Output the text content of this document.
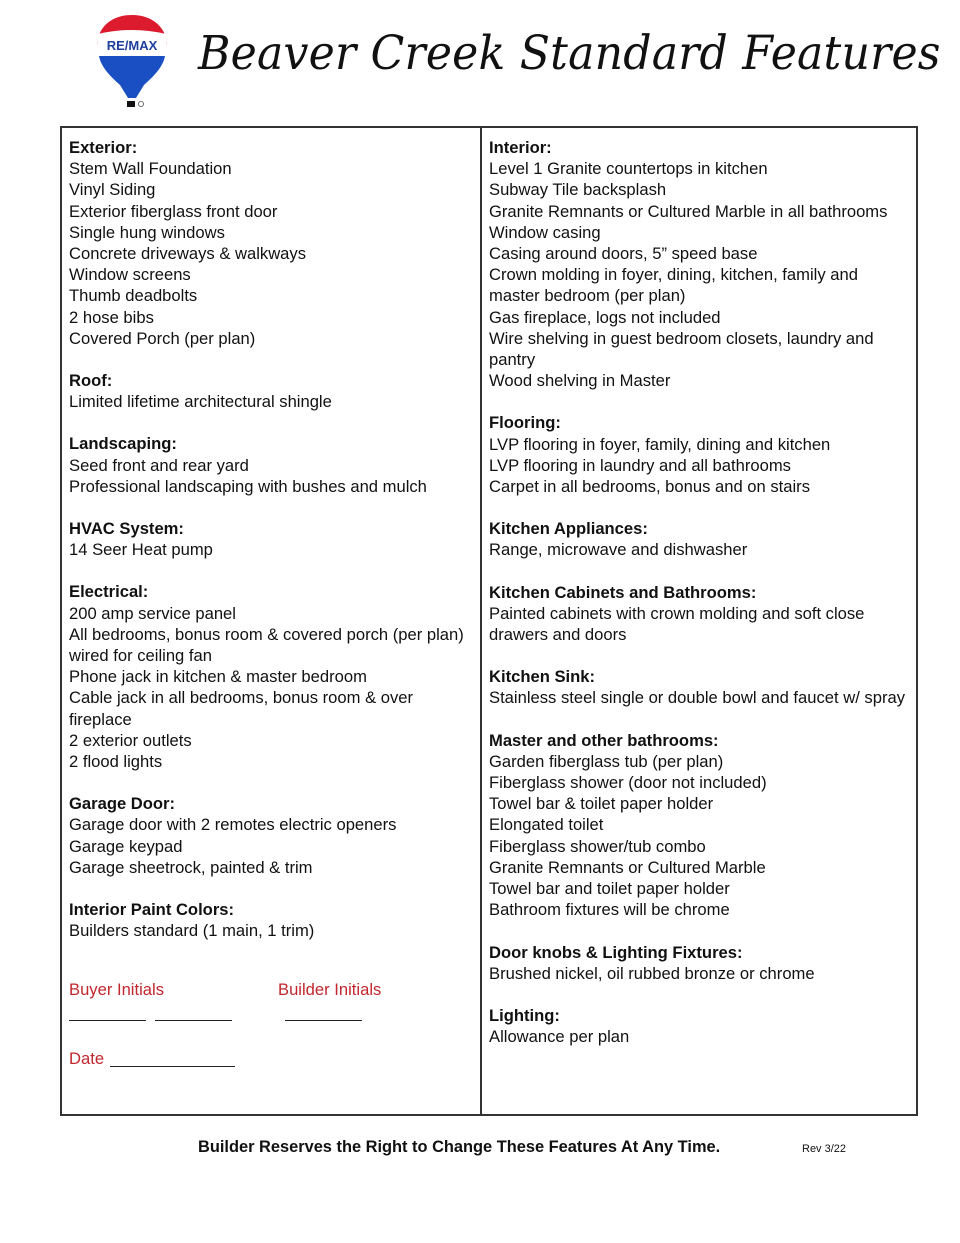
RE/MAX Beaver Creek Standard Features
Exterior:
Stem Wall Foundation
Vinyl Siding
Exterior fiberglass front door
Single hung windows
Concrete driveways & walkways
Window screens
Thumb deadbolts
2 hose bibs
Covered Porch (per plan)
Roof:
Limited lifetime architectural shingle
Landscaping:
Seed front and rear yard
Professional landscaping with bushes and mulch
HVAC System:
14 Seer Heat pump
Electrical:
200 amp service panel
All bedrooms, bonus room & covered porch (per plan) wired for ceiling fan
Phone jack in kitchen & master bedroom
Cable jack in all bedrooms, bonus room & over fireplace
2 exterior outlets
2 flood lights
Garage Door:
Garage door with 2 remotes electric openers
Garage keypad
Garage sheetrock, painted & trim
Interior Paint Colors:
Builders standard (1 main, 1 trim)
Interior:
Level 1 Granite countertops in kitchen
Subway Tile backsplash
Granite Remnants or Cultured Marble in all bathrooms
Window casing
Casing around doors, 5” speed base
Crown molding in foyer, dining, kitchen, family and master bedroom (per plan)
Gas fireplace, logs not included
Wire shelving in guest bedroom closets, laundry and pantry
Wood shelving in Master
Flooring:
LVP flooring in foyer, family, dining and kitchen
LVP flooring in laundry and all bathrooms
Carpet in all bedrooms, bonus and on stairs
Kitchen Appliances:
Range, microwave and dishwasher
Kitchen Cabinets and Bathrooms:
Painted cabinets with crown molding and soft close drawers and doors
Kitchen Sink:
Stainless steel single or double bowl and faucet w/ spray
Master and other bathrooms:
Garden fiberglass tub (per plan)
Fiberglass shower (door not included)
Towel bar & toilet paper holder
Elongated toilet
Fiberglass shower/tub combo
Granite Remnants or Cultured Marble
Towel bar and toilet paper holder
Bathroom fixtures will be chrome
Door knobs & Lighting Fixtures:
Brushed nickel, oil rubbed bronze or chrome
Lighting:
Allowance per plan
Buyer Initials	Builder Initials
Date
Builder Reserves the Right to Change These Features At Any Time.	Rev 3/22
